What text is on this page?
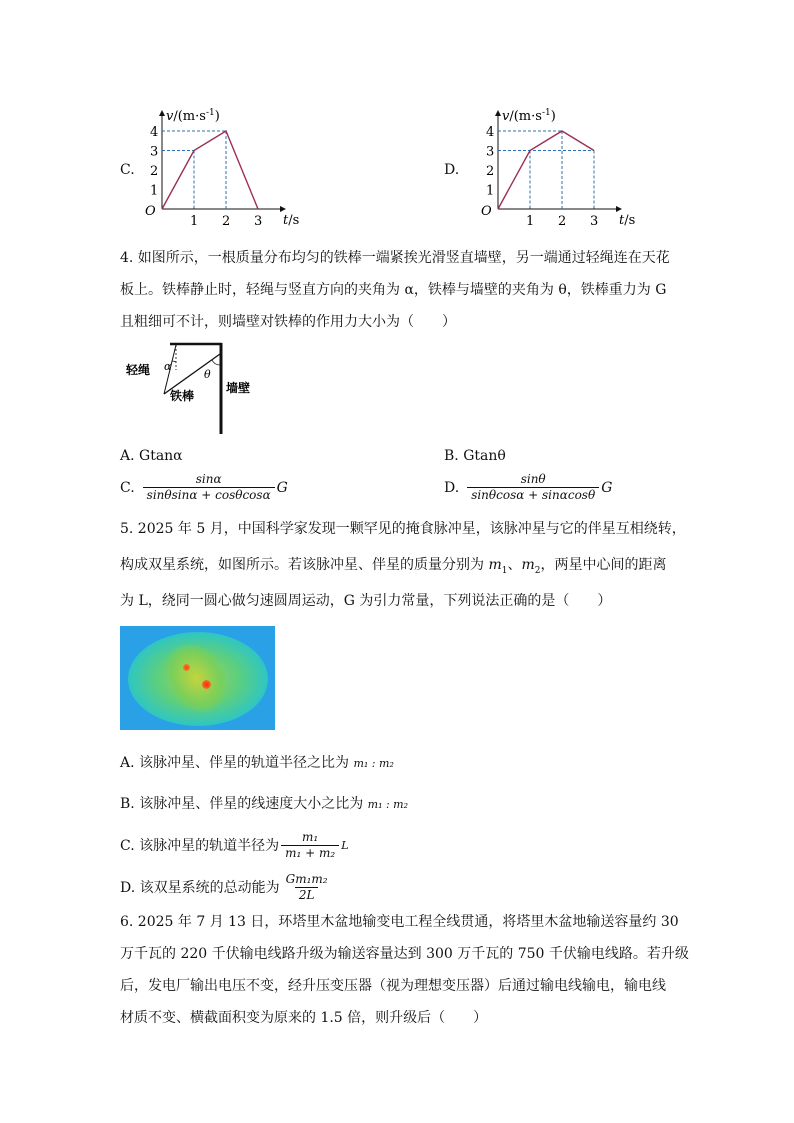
C.
$v/(m\cdot s^{-1})$
t/s
O
1
2
3
4
1 2 3
D.
$v/(m\cdot s^{-1})$
t/s
O
1
2
3
4
1 2 3
4. 如图所示，一根质量分布均匀的铁棒一端紧挨光滑竖直墙壁，另一端通过轻绳连在天花
板上。铁棒静止时，轻绳与竖直方向的夹角为 α，铁棒与墙壁的夹角为 θ，铁棒重力为 G
且粗细可不计，则墙壁对铁棒的作用力大小为（　　）
轻绳 α
θ
铁棒
墙壁
A. Gtanα	B. Gtanθ
C. $\frac{\sin\alpha}{\sin\theta\sin\alpha + \cos\theta\cos\alpha}$ G	D. $\frac{\sin\theta}{\sin\theta\cos\alpha + \sin\alpha\cos\theta}$ G
5. 2025 年 5 月，中国科学家发现一颗罕见的掩食脉冲星，该脉冲星与它的伴星互相绕转，
构成双星系统，如图所示。若该脉冲星、伴星的质量分别为 $m_1$、$m_2$，两星中心间的距离
为 L，绕同一圆心做匀速圆周运动，G 为引力常量，下列说法正确的是（　　）
A. 该脉冲星、伴星的轨道半径之比为 m₁ : m₂
B. 该脉冲星、伴星的线速度大小之比为 m₁ : m₂
C. 该脉冲星的轨道半径为 $\frac{\text{m₁}}{\text{m₁ + m₂}}$ L
D. 该双星系统的总动能为 $\frac{\text{Gm₁m₂}}{2L}$
6. 2025 年 7 月 13 日，环塔里木盆地输变电工程全线贯通，将塔里木盆地输送容量约 30
万千瓦的 220 千伏输电线路升级为输送容量达到 300 万千瓦的 750 千伏输电线路。若升级
后，发电厂输出电压不变，经升压变压器（视为理想变压器）后通过输电线输电，输电线
材质不变、横截面积变为原来的 1.5 倍，则升级后（　　）
